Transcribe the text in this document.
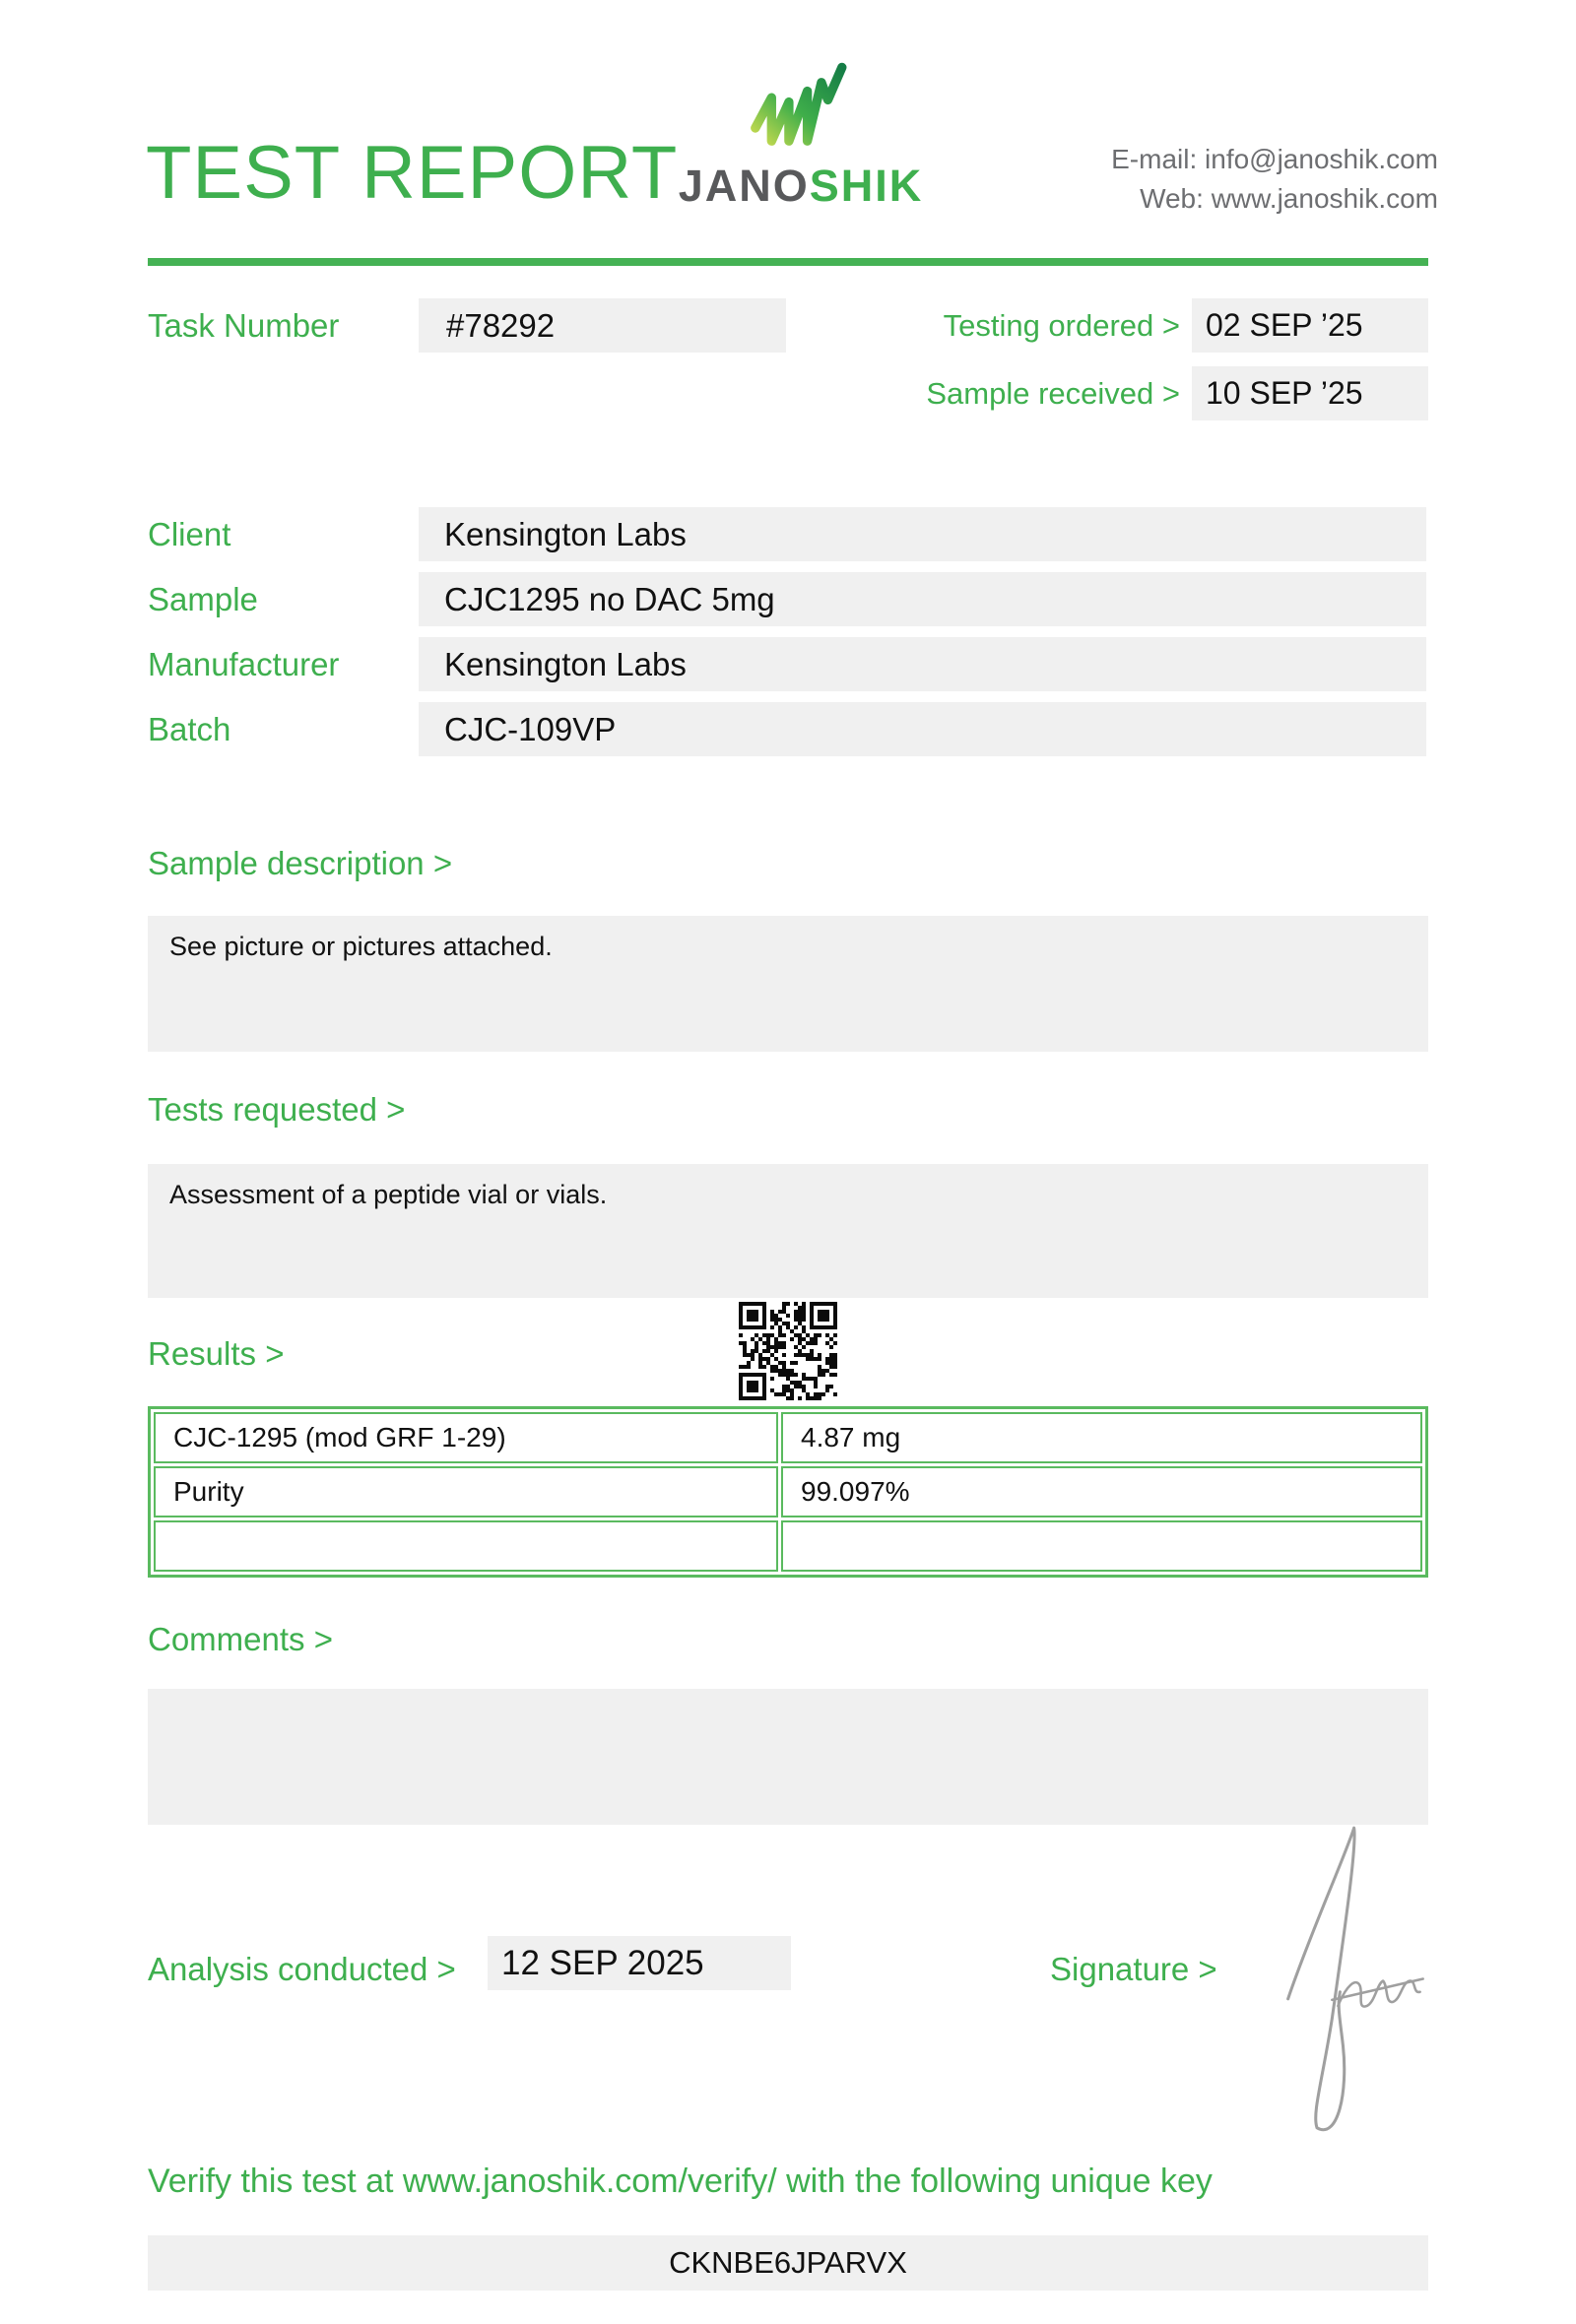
TEST REPORT JANOSHIK
E-mail: info@janoshik.com
Web: www.janoshik.com
Task Number	#78292	Testing ordered > 02 SEP ’25
Sample received > 10 SEP ’25
Client	Kensington Labs
Sample	CJC1295 no DAC 5mg
Manufacturer	Kensington Labs
Batch	CJC-109VP
Sample description >
See picture or pictures attached.
Tests requested >
Assessment of a peptide vial or vials.
Results >
CJC-1295 (mod GRF 1-29)	4.87 mg
Purity	99.097%

Comments >
Analysis conducted >	12 SEP 2025	Signature >
Verify this test at www.janoshik.com/verify/ with the following unique key
CKNBE6JPARVX
